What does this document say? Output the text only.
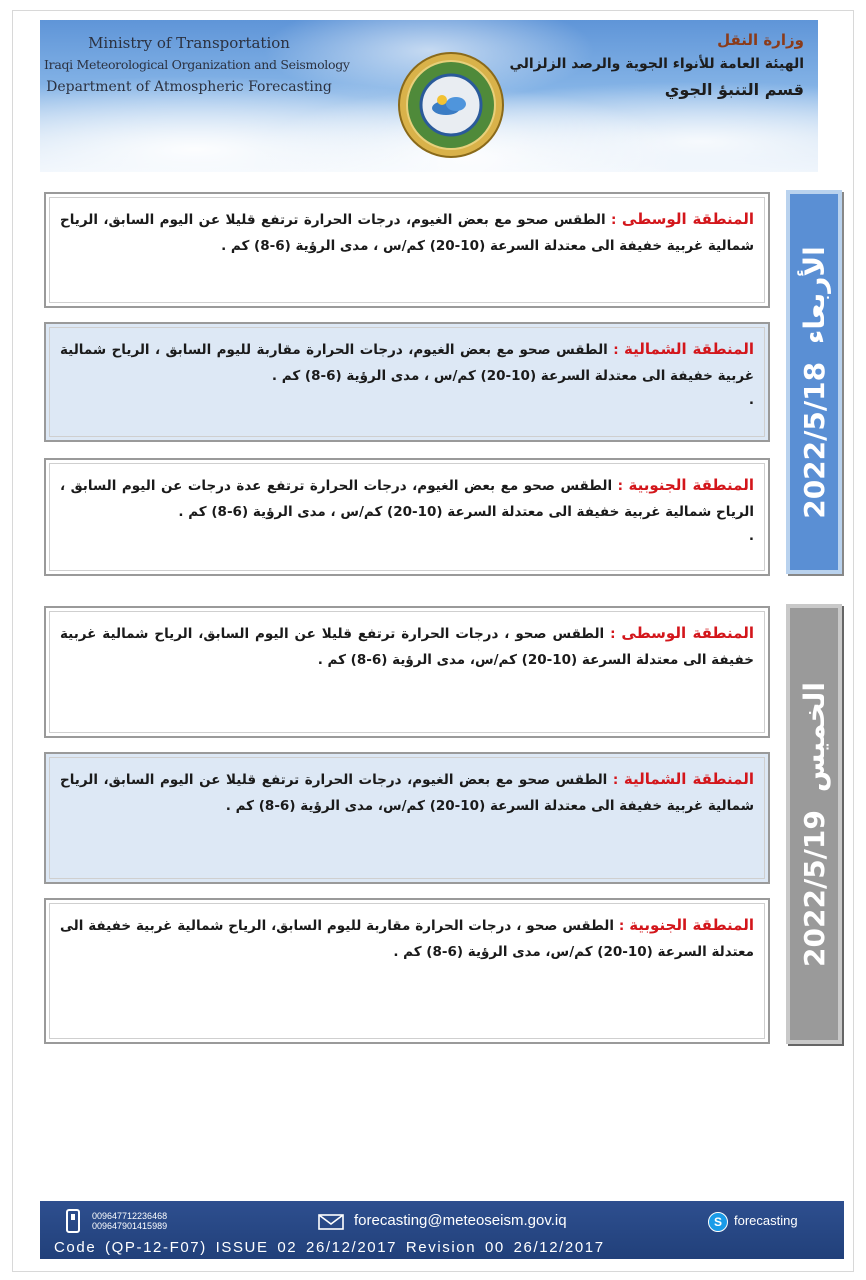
Ministry of Transportation
Iraqi Meteorological Organization and Seismology
Department of Atmospheric Forecasting
وزارة النقل
الهيئة العامة للأنواء الجوية والرصد الزلزالي
قسم التنبؤ الجوي
2022/5/18
الأربعاء
المنطقة الوسطى : الطقس صحو مع بعض الغيوم، درجات الحرارة ترتفع قليلا عن اليوم السابق، الرياح شمالية غربية خفيفة الى معتدلة السرعة (10-20) كم/س ، مدى الرؤية (6-8) كم .
المنطقة الشمالية : الطقس صحو مع بعض الغيوم، درجات الحرارة مقاربة لليوم السابق ، الرياح شمالية غربية خفيفة الى معتدلة السرعة (10-20) كم/س ، مدى الرؤية (6-8) كم .
.
المنطقة الجنوبية : الطقس صحو مع بعض الغيوم، درجات الحرارة ترتفع عدة درجات عن اليوم السابق ، الرياح شمالية غربية خفيفة الى معتدلة السرعة (10-20) كم/س ، مدى الرؤية (6-8) كم .
.
2022/5/19
الخميس
المنطقة الوسطى : الطقس صحو ، درجات الحرارة ترتفع قليلا عن اليوم السابق، الرياح شمالية غربية خفيفة الى معتدلة السرعة (10-20) كم/س، مدى الرؤية (6-8) كم .
المنطقة الشمالية : الطقس صحو مع بعض الغيوم، درجات الحرارة ترتفع قليلا عن اليوم السابق، الرياح شمالية غربية خفيفة الى معتدلة السرعة (10-20) كم/س، مدى الرؤية (6-8) كم .
المنطقة الجنوبية : الطقس صحو ، درجات الحرارة مقاربة لليوم السابق، الرياح شمالية غربية خفيفة الى معتدلة السرعة (10-20) كم/س، مدى الرؤية (6-8) كم .
009647712236468
009647901415989	forecasting@meteoseism.gov.iq	S forecasting
Code (QP-12-F07) ISSUE 02 26/12/2017 Revision 00 26/12/2017
